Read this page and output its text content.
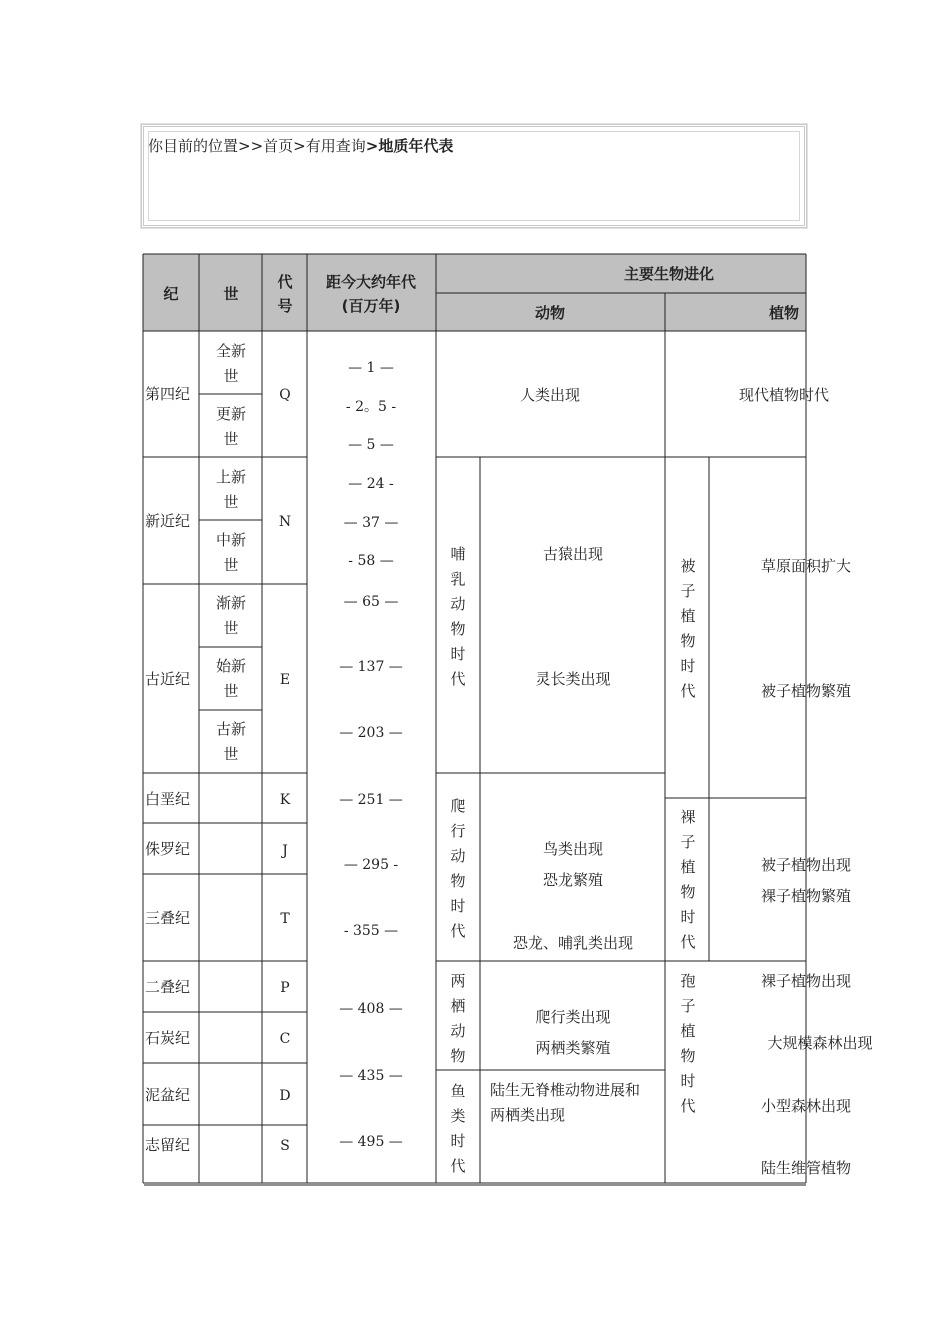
你目前的位置>>首页>有用查询>地质年代表
纪	世
代
号
距今大约年代
(百万年)
主要生物进化
动物	植物
第四纪
新近纪
古近纪
白垩纪
侏罗纪
三叠纪
二叠纪
石炭纪
泥盆纪
志留纪
全新
世
更新
世
上新
世
中新
世
渐新
世
始新
世
古新
世
Q
N
E
K
J
T
P
C
D
S
— 1 —
- 2。5 -
— 5 —
— 24 -
— 37 —
- 58 —
— 65 —
— 137 —
— 203 —
— 251 —
— 295 -
- 355 —
— 408 —
— 435 —
— 495 —
哺
乳
动
物
时
代
爬
行
动
物
时
代
两
栖
动
物
鱼
类
时
代
人类出现
古猿出现
灵长类出现
鸟类出现
恐龙繁殖
恐龙、哺乳类出现
爬行类出现
两栖类繁殖
陆生无脊椎动物进展和
两栖类出现
被
子
植
物
时
代
裸
子
植
物
时
代
孢
子
植
物
时
代
现代植物时代
草原面积扩大
被子植物繁殖
被子植物出现
裸子植物繁殖
裸子植物出现
大规模森林出现
小型森林出现
陆生维管植物
